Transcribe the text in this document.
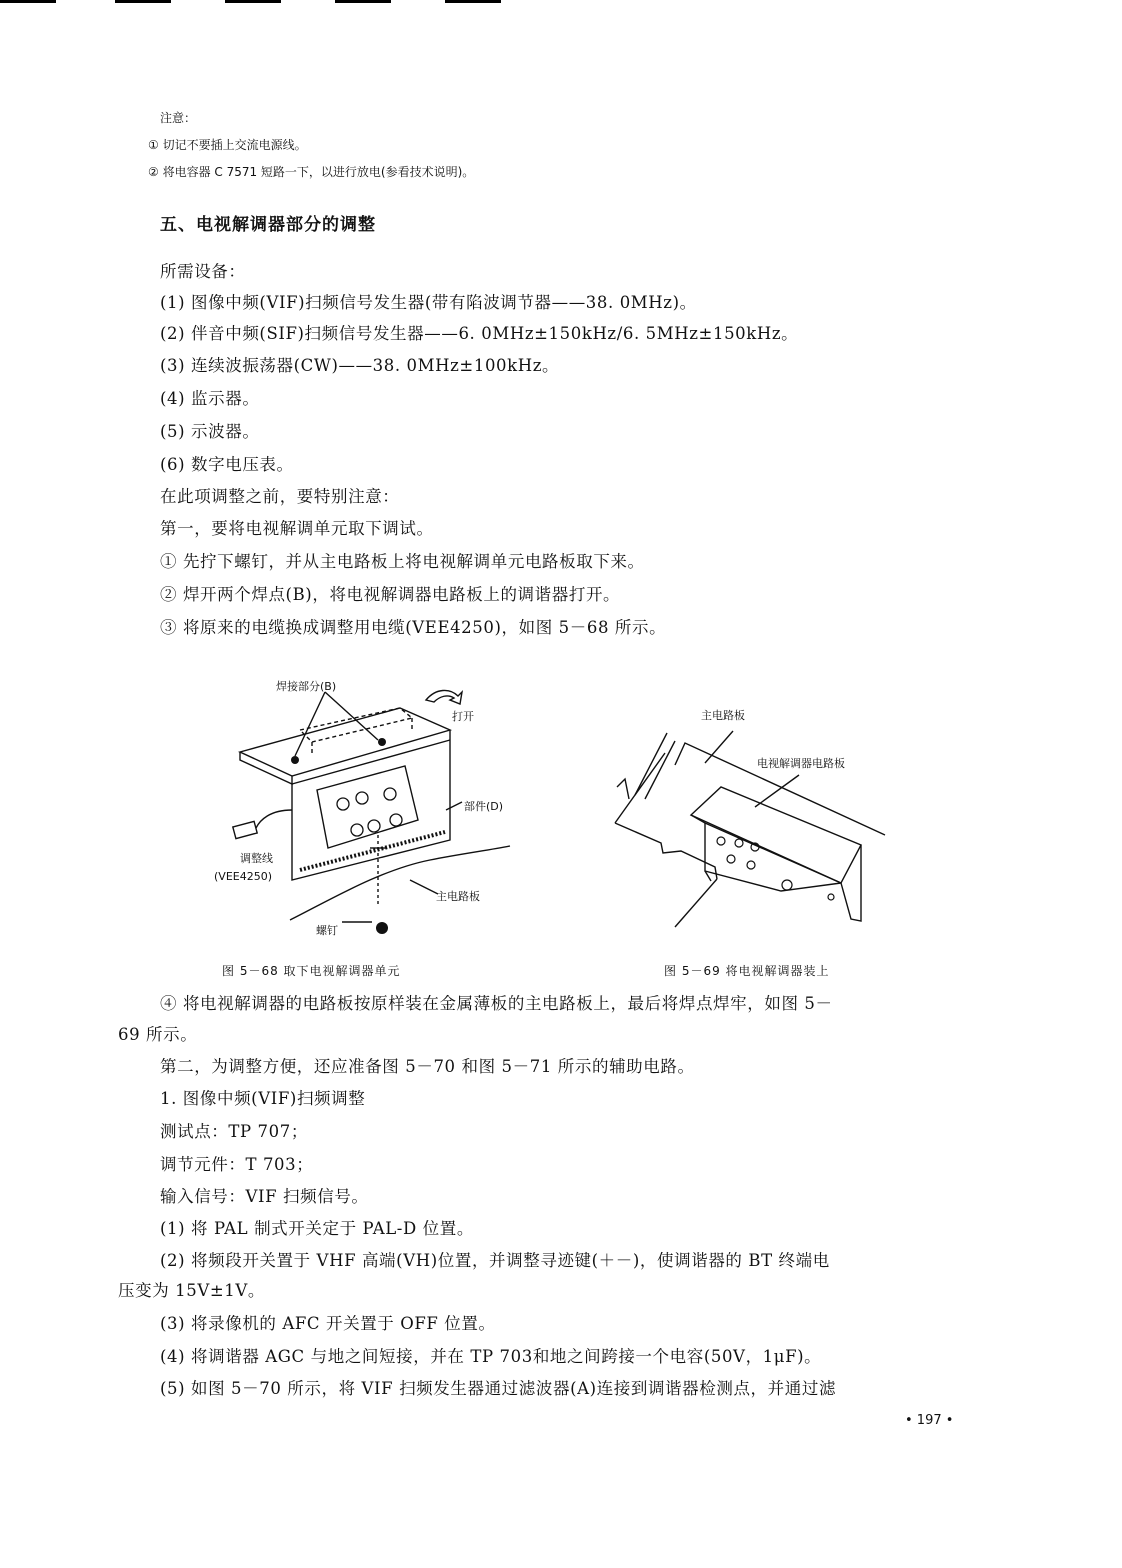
注意：
① 切记不要插上交流电源线。
② 将电容器 C 7571 短路一下，以进行放电(参看技术说明)。
五、电视解调器部分的调整
所需设备：
(1) 图像中频(VIF)扫频信号发生器(带有陷波调节器——38. 0MHz)。
(2) 伴音中频(SIF)扫频信号发生器——6. 0MHz±150kHz/6. 5MHz±150kHz。
(3) 连续波振荡器(CW)——38. 0MHz±100kHz。
(4) 监示器。
(5) 示波器。
(6) 数字电压表。
在此项调整之前，要特别注意：
第一，要将电视解调单元取下调试。
① 先拧下螺钉，并从主电路板上将电视解调单元电路板取下来。
② 焊开两个焊点(B)，将电视解调器电路板上的调谐器打开。
③ 将原来的电缆换成调整用电缆(VEE4250)，如图 5－68 所示。
焊接部分(B)
打开
部件(D)
调整线
(VEE4250)
主电路板
螺钉
图 5－68 取下电视解调器单元
主电路板
电视解调器电路板
图 5－69 将电视解调器装上
④ 将电视解调器的电路板按原样装在金属薄板的主电路板上，最后将焊点焊牢，如图 5－
69 所示。
第二，为调整方便，还应准备图 5－70 和图 5－71 所示的辅助电路。
1. 图像中频(VIF)扫频调整
测试点：TP 707；
调节元件：T 703；
输入信号：VIF 扫频信号。
(1) 将 PAL 制式开关定于 PAL-D 位置。
(2) 将频段开关置于 VHF 高端(VH)位置，并调整寻迹键(＋－)，使调谐器的 BT 终端电
压变为 15V±1V。
(3) 将录像机的 AFC 开关置于 OFF 位置。
(4) 将调谐器 AGC 与地之间短接，并在 TP 703和地之间跨接一个电容(50V，1μF)。
(5) 如图 5－70 所示，将 VIF 扫频发生器通过滤波器(A)连接到调谐器检测点，并通过滤
• 197 •
